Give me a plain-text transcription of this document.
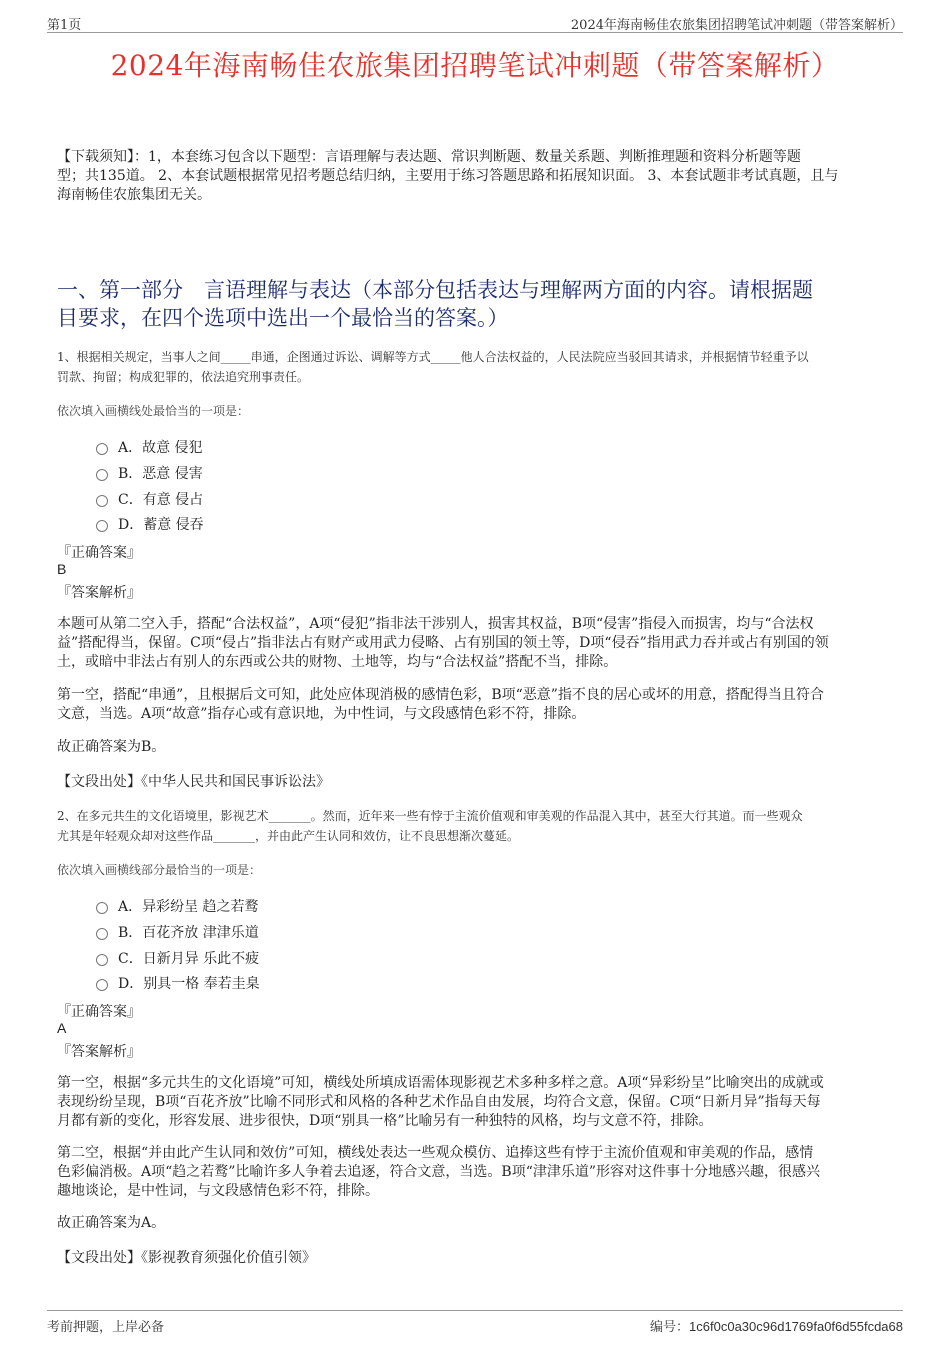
第1页	2024年海南畅佳农旅集团招聘笔试冲刺题（带答案解析）
2024年海南畅佳农旅集团招聘笔试冲刺题（带答案解析）
【下载须知】：1，本套练习包含以下题型：言语理解与表达题、常识判断题、数量关系题、判断推理题和资料分析题等题
型；共135道。 2、本套试题根据常见招考题总结归纳，主要用于练习答题思路和拓展知识面。 3、本套试题非考试真题，且与
海南畅佳农旅集团无关。
一、第一部分　言语理解与表达（本部分包括表达与理解两方面的内容。请根据题
目要求，在四个选项中选出一个最恰当的答案。）
1、根据相关规定，当事人之间_____串通，企图通过诉讼、调解等方式_____他人合法权益的，人民法院应当驳回其请求，并根据情节轻重予以
罚款、拘留；构成犯罪的，依法追究刑事责任。
依次填入画横线处最恰当的一项是：
A．故意 侵犯
B．恶意 侵害
C．有意 侵占
D．蓄意 侵吞
『正确答案』
B
『答案解析』
本题可从第二空入手，搭配“合法权益”，A项“侵犯”指非法干涉别人，损害其权益，B项“侵害”指侵入而损害，均与“合法权
益”搭配得当，保留。C项“侵占”指非法占有财产或用武力侵略、占有别国的领土等，D项“侵吞”指用武力吞并或占有别国的领
土，或暗中非法占有别人的东西或公共的财物、土地等，均与“合法权益”搭配不当，排除。
第一空，搭配“串通”，且根据后文可知，此处应体现消极的感情色彩，B项“恶意”指不良的居心或坏的用意，搭配得当且符合
文意，当选。A项“故意”指存心或有意识地，为中性词，与文段感情色彩不符，排除。
故正确答案为B。
【文段出处】《中华人民共和国民事诉讼法》
2、在多元共生的文化语境里，影视艺术_______。然而，近年来一些有悖于主流价值观和审美观的作品混入其中，甚至大行其道。而一些观众
尤其是年轻观众却对这些作品_______，并由此产生认同和效仿，让不良思想渐次蔓延。
依次填入画横线部分最恰当的一项是：
A．异彩纷呈 趋之若鹜
B．百花齐放 津津乐道
C．日新月异 乐此不疲
D．别具一格 奉若圭臬
『正确答案』
A
『答案解析』
第一空，根据“多元共生的文化语境”可知，横线处所填成语需体现影视艺术多种多样之意。A项“异彩纷呈”比喻突出的成就或
表现纷纷呈现，B项“百花齐放”比喻不同形式和风格的各种艺术作品自由发展，均符合文意，保留。C项“日新月异”指每天每
月都有新的变化，形容发展、进步很快，D项“别具一格”比喻另有一种独特的风格，均与文意不符，排除。
第二空，根据“并由此产生认同和效仿”可知，横线处表达一些观众模仿、追捧这些有悖于主流价值观和审美观的作品，感情
色彩偏消极。A项“趋之若鹜”比喻许多人争着去追逐，符合文意，当选。B项“津津乐道”形容对这件事十分地感兴趣，很感兴
趣地谈论，是中性词，与文段感情色彩不符，排除。
故正确答案为A。
【文段出处】《影视教育须强化价值引领》
考前押题，上岸必备	编号：1c6f0c0a30c96d1769fa0f6d55fcda68
